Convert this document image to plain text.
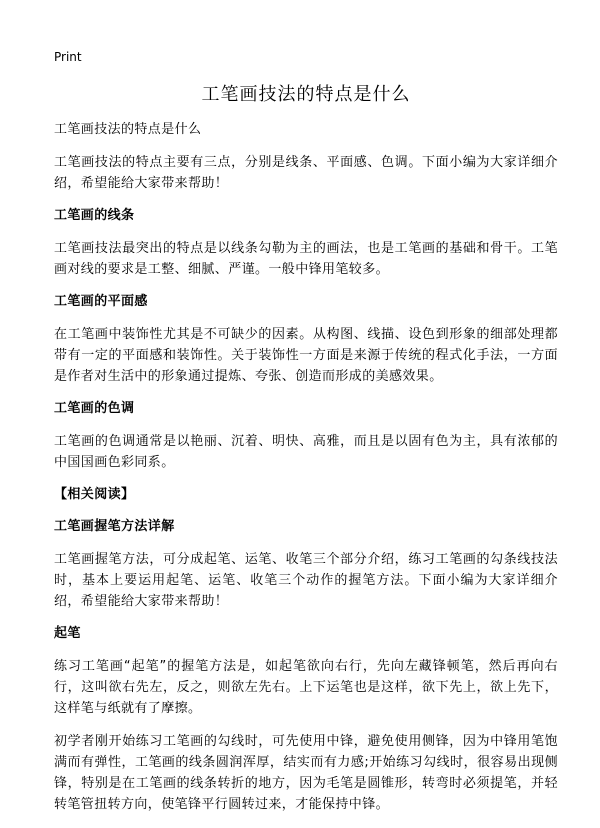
Print
工笔画技法的特点是什么

工笔画技法的特点是什么

工笔画技法的特点主要有三点，分别是线条、平面感、色调。下面小编为大家详细介绍，希望能给大家带来帮助！

工笔画的线条

工笔画技法最突出的特点是以线条勾勒为主的画法，也是工笔画的基础和骨干。工笔画对线的要求是工整、细腻、严谨。一般中锋用笔较多。

工笔画的平面感

在工笔画中装饰性尤其是不可缺少的因素。从构图、线描、设色到形象的细部处理都带有一定的平面感和装饰性。关于装饰性一方面是来源于传统的程式化手法，一方面是作者对生活中的形象通过提炼、夸张、创造而形成的美感效果。

工笔画的色调

工笔画的色调通常是以艳丽、沉着、明快、高雅，而且是以固有色为主，具有浓郁的中国国画色彩同系。

【相关阅读】
工笔画握笔方法详解

工笔画握笔方法，可分成起笔、运笔、收笔三个部分介绍，练习工笔画的勾条线技法时，基本上要运用起笔、运笔、收笔三个动作的握笔方法。下面小编为大家详细介绍，希望能给大家带来帮助！

起笔

练习工笔画“起笔”的握笔方法是，如起笔欲向右行，先向左藏锋顿笔，然后再向右行，这叫欲右先左，反之，则欲左先右。上下运笔也是这样，欲下先上，欲上先下，这样笔与纸就有了摩擦。

初学者刚开始练习工笔画的勾线时，可先使用中锋，避免使用侧锋，因为中锋用笔饱满而有弹性，工笔画的线条圆润浑厚，结实而有力感;开始练习勾线时，很容易出现侧锋，特别是在工笔画的线条转折的地方，因为毛笔是圆锥形，转弯时必须提笔，并轻转笔管扭转方向，使笔锋平行圆转过来，才能保持中锋。
